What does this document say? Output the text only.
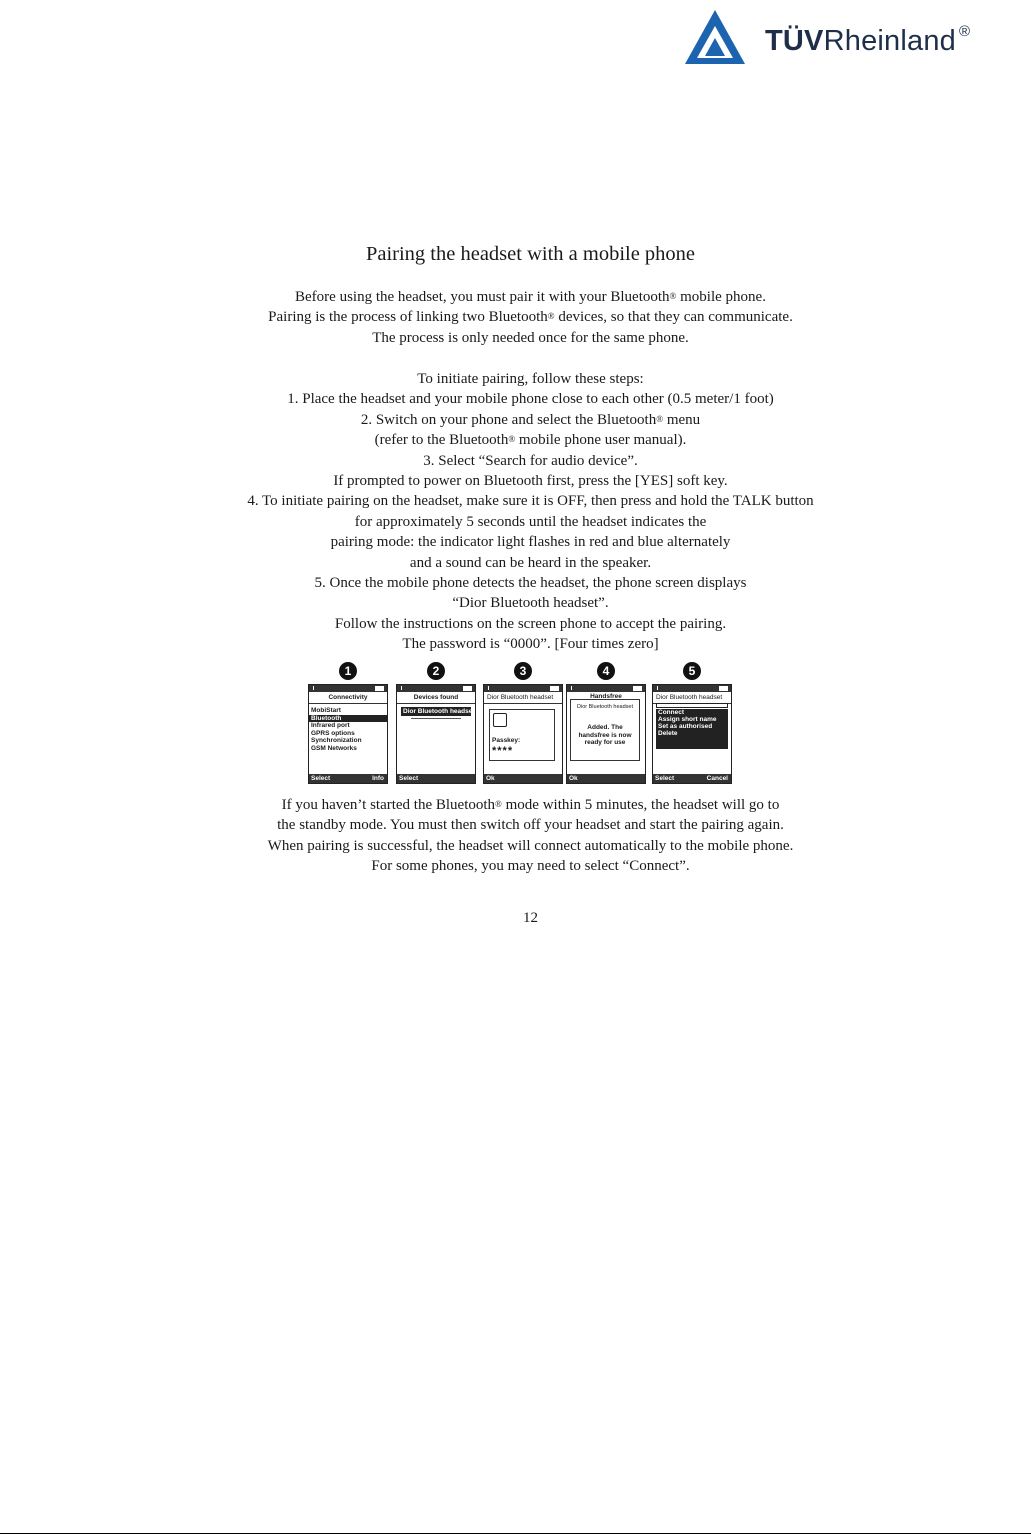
TÜVRheinland ®
Pairing the headset with a mobile phone

Before using the headset, you must pair it with your Bluetooth® mobile phone.

Pairing is the process of linking two Bluetooth® devices, so that they can communicate.

The process is only needed once for the same phone.

To initiate pairing, follow these steps:

1. Place the headset and your mobile phone close to each other (0.5 meter/1 foot)

2. Switch on your phone and select the Bluetooth® menu

(refer to the Bluetooth® mobile phone user manual).

3. Select “Search for audio device”.

If prompted to power on Bluetooth first, press the [YES] soft key.

4. To initiate pairing on the headset, make sure it is OFF, then press and hold the TALK button

for approximately 5 seconds until the headset indicates the

pairing mode: the indicator light flashes in red and blue alternately

and a sound can be heard in the speaker.

5. Once the mobile phone detects the headset, the phone screen displays

“Dior Bluetooth headset”.

Follow the instructions on the screen phone to accept the pairing.

The password is “0000”. [Four times zero]

1
Connectivity
MobiStart
Bluetooth
Infrared port
GPRS options
Synchronization
GSM Networks
Select	Info
2
Devices found
Dior Bluetooth headset
Select
3
Dior Bluetooth headset
Passkey:
****
Ok
4
Handsfree
Dior Bluetooth headset
Added. The
handsfree is now
ready for use
Ok
5
Dior Bluetooth headset
Connect
Assign short name
Set as authorised
Delete
Select	Cancel

If you haven’t started the Bluetooth® mode within 5 minutes, the headset will go to

the standby mode. You must then switch off your headset and start the pairing again.

When pairing is successful, the headset will connect automatically to the mobile phone.

For some phones, you may need to select “Connect”.

12
